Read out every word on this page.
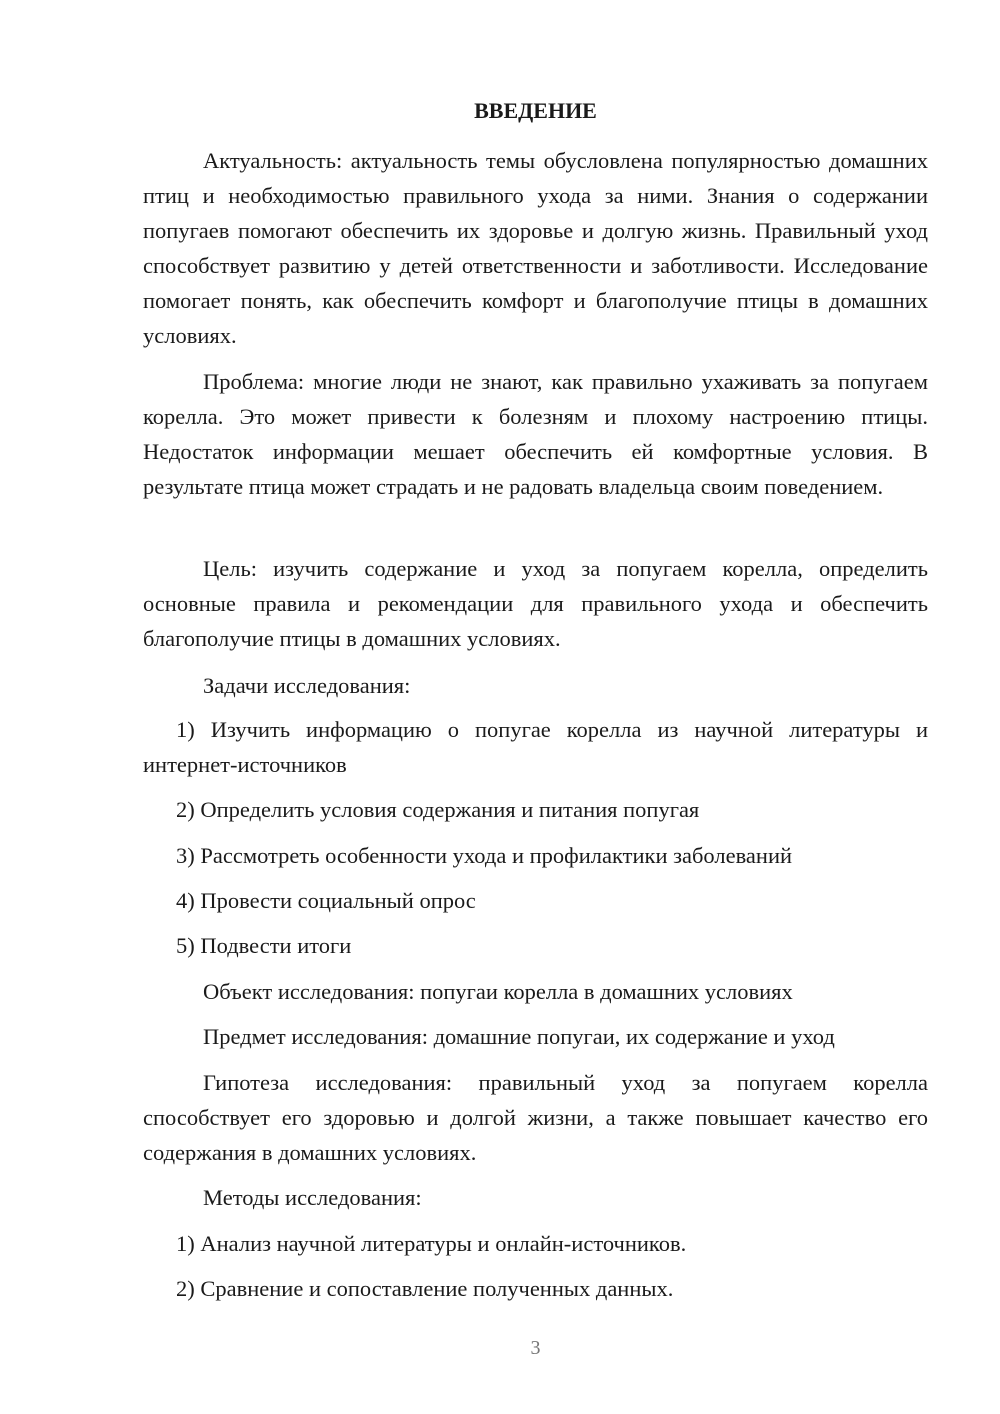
ВВЕДЕНИЕ

Актуальность: актуальность темы обусловлена популярностью домашних птиц и необходимостью правильного ухода за ними. Знания о содержании попугаев помогают обеспечить их здоровье и долгую жизнь. Правильный уход способствует развитию у детей ответственности и заботливости. Исследование помогает понять, как обеспечить комфорт и благополучие птицы в домашних условиях.

Проблема: многие люди не знают, как правильно ухаживать за попугаем корелла. Это может привести к болезням и плохому настроению птицы. Недостаток информации мешает обеспечить ей комфортные условия. В результате птица может страдать и не радовать владельца своим поведением.

Цель: изучить содержание и уход за попугаем корелла, определить основные правила и рекомендации для правильного ухода и обеспечить благополучие птицы в домашних условиях.

Задачи исследования:

1) Изучить информацию о попугае корелла из научной литературы и интернет-источников

2) Определить условия содержания и питания попугая

3) Рассмотреть особенности ухода и профилактики заболеваний

4) Провести социальный опрос

5) Подвести итоги

Объект исследования: попугаи корелла в домашних условиях

Предмет исследования: домашние попугаи, их содержание и уход

Гипотеза исследования: правильный уход за попугаем корелла способствует его здоровью и долгой жизни, а также повышает качество его содержания в домашних условиях.

Методы исследования:

1) Анализ научной литературы и онлайн-источников.

2) Сравнение и сопоставление полученных данных.

3
